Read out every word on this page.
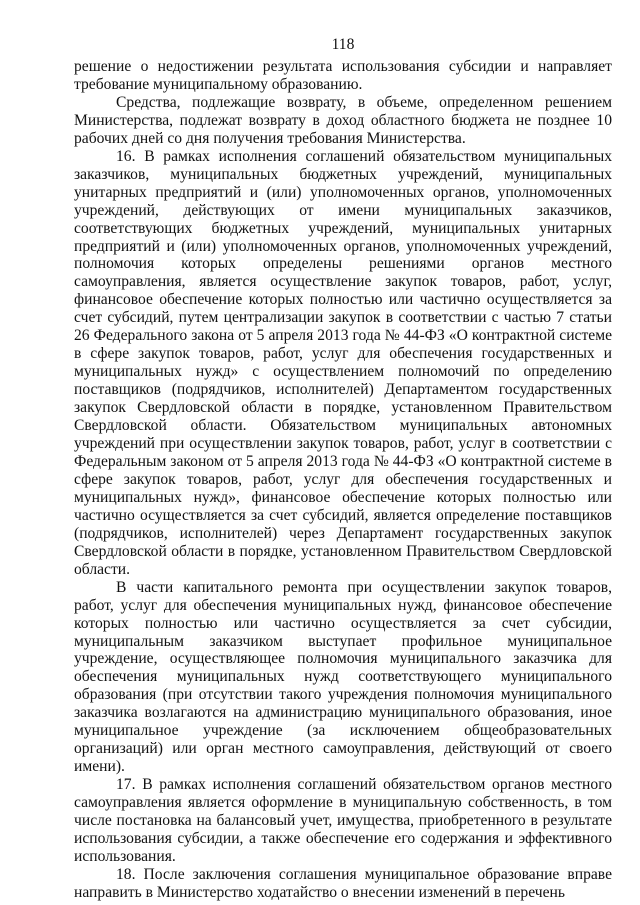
118

решение о недостижении результата использования субсидии и направляет требование муниципальному образованию.

Средства, подлежащие возврату, в объеме, определенном решением Министерства, подлежат возврату в доход областного бюджета не позднее 10 рабочих дней со дня получения требования Министерства.

16. В рамках исполнения соглашений обязательством муниципальных заказчиков, муниципальных бюджетных учреждений, муниципальных унитарных предприятий и (или) уполномоченных органов, уполномоченных учреждений, действующих от имени муниципальных заказчиков, соответствующих бюджетных учреждений, муниципальных унитарных предприятий и (или) уполномоченных органов, уполномоченных учреждений, полномочия которых определены решениями органов местного самоуправления, является осуществление закупок товаров, работ, услуг, финансовое обеспечение которых полностью или частично осуществляется за счет субсидий, путем централизации закупок в соответствии с частью 7 статьи 26 Федерального закона от 5 апреля 2013 года № 44-ФЗ «О контрактной системе в сфере закупок товаров, работ, услуг для обеспечения государственных и муниципальных нужд» с осуществлением полномочий по определению поставщиков (подрядчиков, исполнителей) Департаментом государственных закупок Свердловской области в порядке, установленном Правительством Свердловской области. Обязательством муниципальных автономных учреждений при осуществлении закупок товаров, работ, услуг в соответствии с Федеральным законом от 5 апреля 2013 года № 44-ФЗ «О контрактной системе в сфере закупок товаров, работ, услуг для обеспечения государственных и муниципальных нужд», финансовое обеспечение которых полностью или частично осуществляется за счет субсидий, является определение поставщиков (подрядчиков, исполнителей) через Департамент государственных закупок Свердловской области в порядке, установленном Правительством Свердловской области.

В части капитального ремонта при осуществлении закупок товаров, работ, услуг для обеспечения муниципальных нужд, финансовое обеспечение которых полностью или частично осуществляется за счет субсидии, муниципальным заказчиком выступает профильное муниципальное учреждение, осуществляющее полномочия муниципального заказчика для обеспечения муниципальных нужд соответствующего муниципального образования (при отсутствии такого учреждения полномочия муниципального заказчика возлагаются на администрацию муниципального образования, иное муниципальное учреждение (за исключением общеобразовательных организаций) или орган местного самоуправления, действующий от своего имени).

17. В рамках исполнения соглашений обязательством органов местного самоуправления является оформление в муниципальную собственность, в том числе постановка на балансовый учет, имущества, приобретенного в результате использования субсидии, а также обеспечение его содержания и эффективного использования.

18. После заключения соглашения муниципальное образование вправе направить в Министерство ходатайство о внесении изменений в перечень
